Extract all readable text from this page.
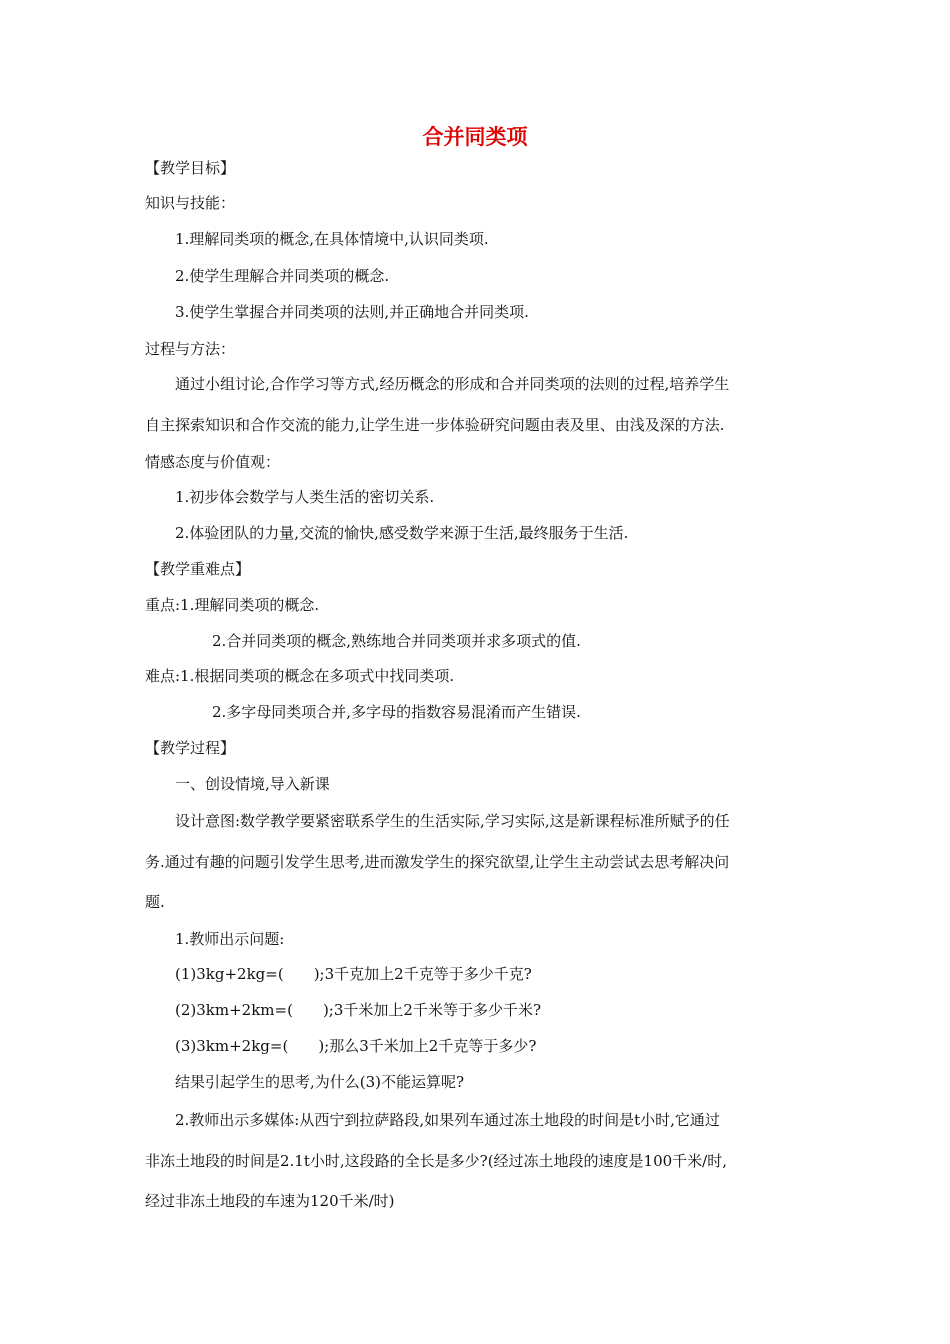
合并同类项
【教学目标】
知识与技能：
1.理解同类项的概念,在具体情境中,认识同类项.
2.使学生理解合并同类项的概念.
3.使学生掌握合并同类项的法则,并正确地合并同类项.
过程与方法：
通过小组讨论,合作学习等方式,经历概念的形成和合并同类项的法则的过程,培养学生
自主探索知识和合作交流的能力,让学生进一步体验研究问题由表及里、由浅及深的方法.
情感态度与价值观：
1.初步体会数学与人类生活的密切关系.
2.体验团队的力量,交流的愉快,感受数学来源于生活,最终服务于生活.
【教学重难点】
重点:1.理解同类项的概念.
2.合并同类项的概念,熟练地合并同类项并求多项式的值.
难点:1.根据同类项的概念在多项式中找同类项.
2.多字母同类项合并,多字母的指数容易混淆而产生错误.
【教学过程】
一、创设情境,导入新课
设计意图:数学教学要紧密联系学生的生活实际,学习实际,这是新课程标准所赋予的任
务.通过有趣的问题引发学生思考,进而激发学生的探究欲望,让学生主动尝试去思考解决问
题.
1.教师出示问题:
(1)3kg+2kg=(　　);3千克加上2千克等于多少千克?
(2)3km+2km=(　　);3千米加上2千米等于多少千米?
(3)3km+2kg=(　　);那么3千米加上2千克等于多少?
结果引起学生的思考,为什么(3)不能运算呢?
2.教师出示多媒体:从西宁到拉萨路段,如果列车通过冻土地段的时间是t小时,它通过
非冻土地段的时间是2.1t小时,这段路的全长是多少?(经过冻土地段的速度是100千米/时,
经过非冻土地段的车速为120千米/时)
